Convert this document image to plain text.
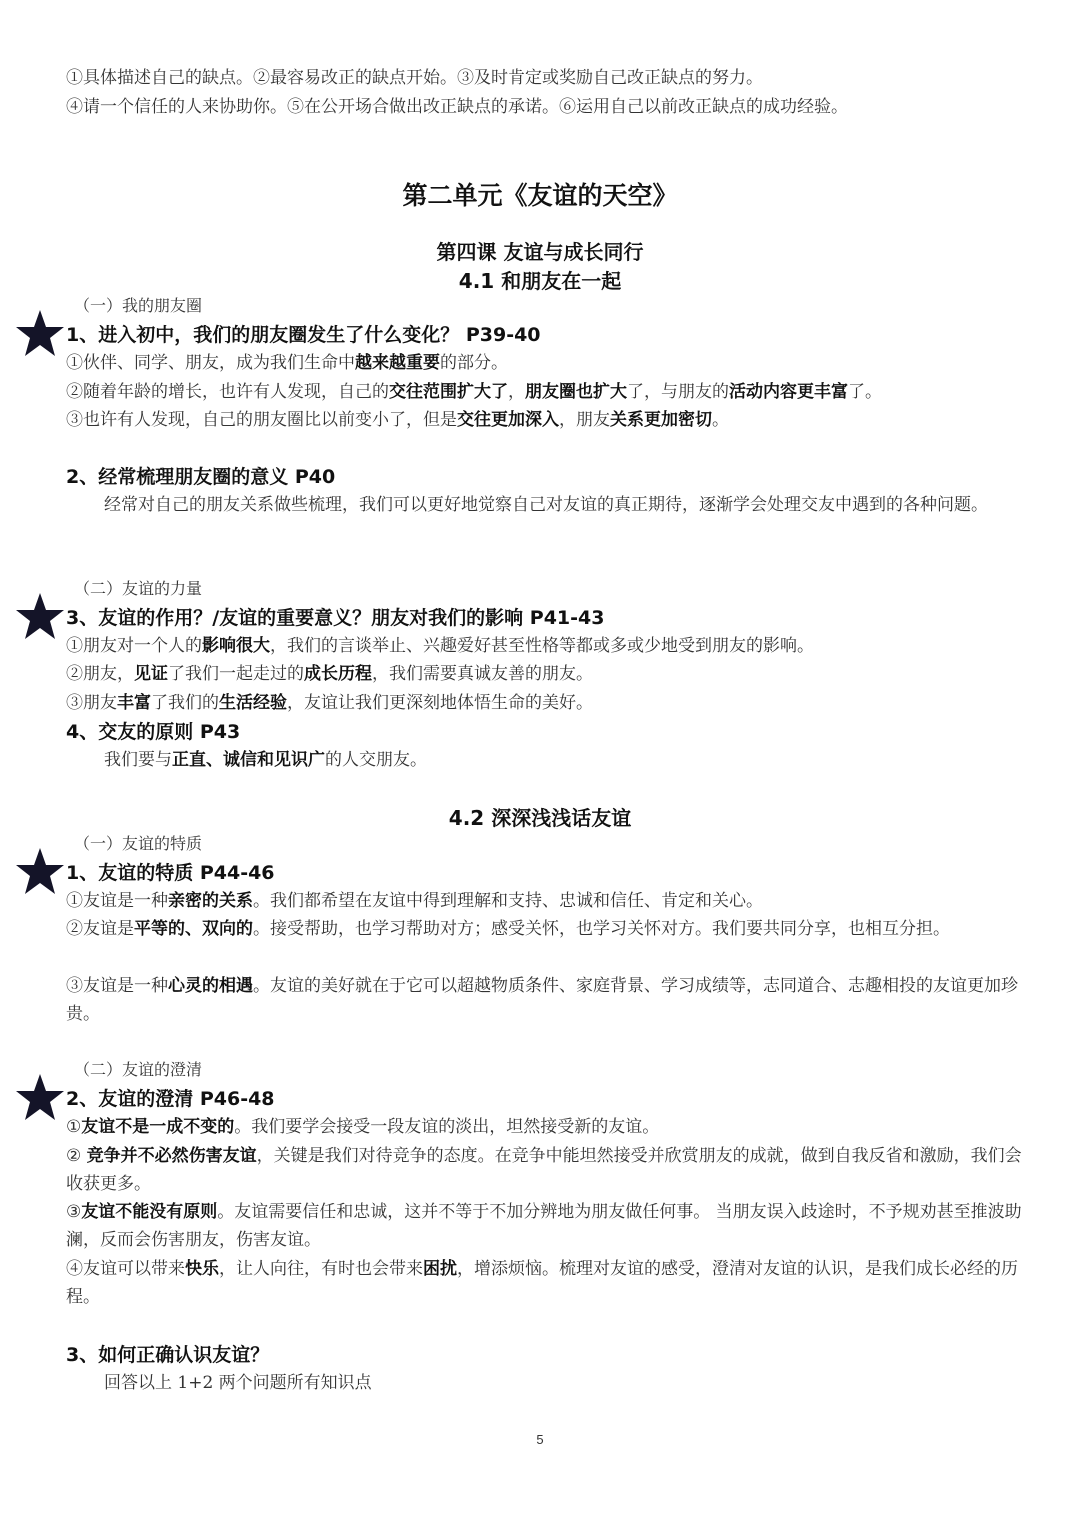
①具体描述自己的缺点。②最容易改正的缺点开始。③及时肯定或奖励自己改正缺点的努力。
④请一个信任的人来协助你。⑤在公开场合做出改正缺点的承诺。⑥运用自己以前改正缺点的成功经验。
第二单元《友谊的天空》
第四课 友谊与成长同行
4.1 和朋友在一起
（一）我的朋友圈
1、进入初中，我们的朋友圈发生了什么变化？ P39-40
①伙伴、同学、朋友，成为我们生命中越来越重要的部分。
②随着年龄的增长，也许有人发现，自己的交往范围扩大了，朋友圈也扩大了，与朋友的活动内容更丰富了。
③也许有人发现，自己的朋友圈比以前变小了，但是交往更加深入，朋友关系更加密切。
2、经常梳理朋友圈的意义 P40
经常对自己的朋友关系做些梳理，我们可以更好地觉察自己对友谊的真正期待，逐渐学会处理交友中遇到的各种问题。
（二）友谊的力量
3、友谊的作用？/友谊的重要意义？朋友对我们的影响 P41-43
①朋友对一个人的影响很大，我们的言谈举止、兴趣爱好甚至性格等都或多或少地受到朋友的影响。
②朋友，见证了我们一起走过的成长历程，我们需要真诚友善的朋友。
③朋友丰富了我们的生活经验，友谊让我们更深刻地体悟生命的美好。
4、交友的原则 P43
我们要与正直、诚信和见识广的人交朋友。
4.2 深深浅浅话友谊
（一）友谊的特质
1、友谊的特质 P44-46
①友谊是一种亲密的关系。我们都希望在友谊中得到理解和支持、忠诚和信任、肯定和关心。
②友谊是平等的、双向的。接受帮助，也学习帮助对方；感受关怀，也学习关怀对方。我们要共同分享，也相互分担。
③友谊是一种心灵的相遇。友谊的美好就在于它可以超越物质条件、家庭背景、学习成绩等，志同道合、志趣相投的友谊更加珍贵。
（二）友谊的澄清
2、友谊的澄清 P46-48
①友谊不是一成不变的。我们要学会接受一段友谊的淡出，坦然接受新的友谊。
② 竞争并不必然伤害友谊，关键是我们对待竞争的态度。在竞争中能坦然接受并欣赏朋友的成就，做到自我反省和激励，我们会收获更多。
③友谊不能没有原则。友谊需要信任和忠诚，这并不等于不加分辨地为朋友做任何事。 当朋友误入歧途时，不予规劝甚至推波助澜，反而会伤害朋友，伤害友谊。
④友谊可以带来快乐，让人向往，有时也会带来困扰，增添烦恼。梳理对友谊的感受，澄清对友谊的认识，是我们成长必经的历程。
3、如何正确认识友谊？
回答以上 1+2 两个问题所有知识点
5
